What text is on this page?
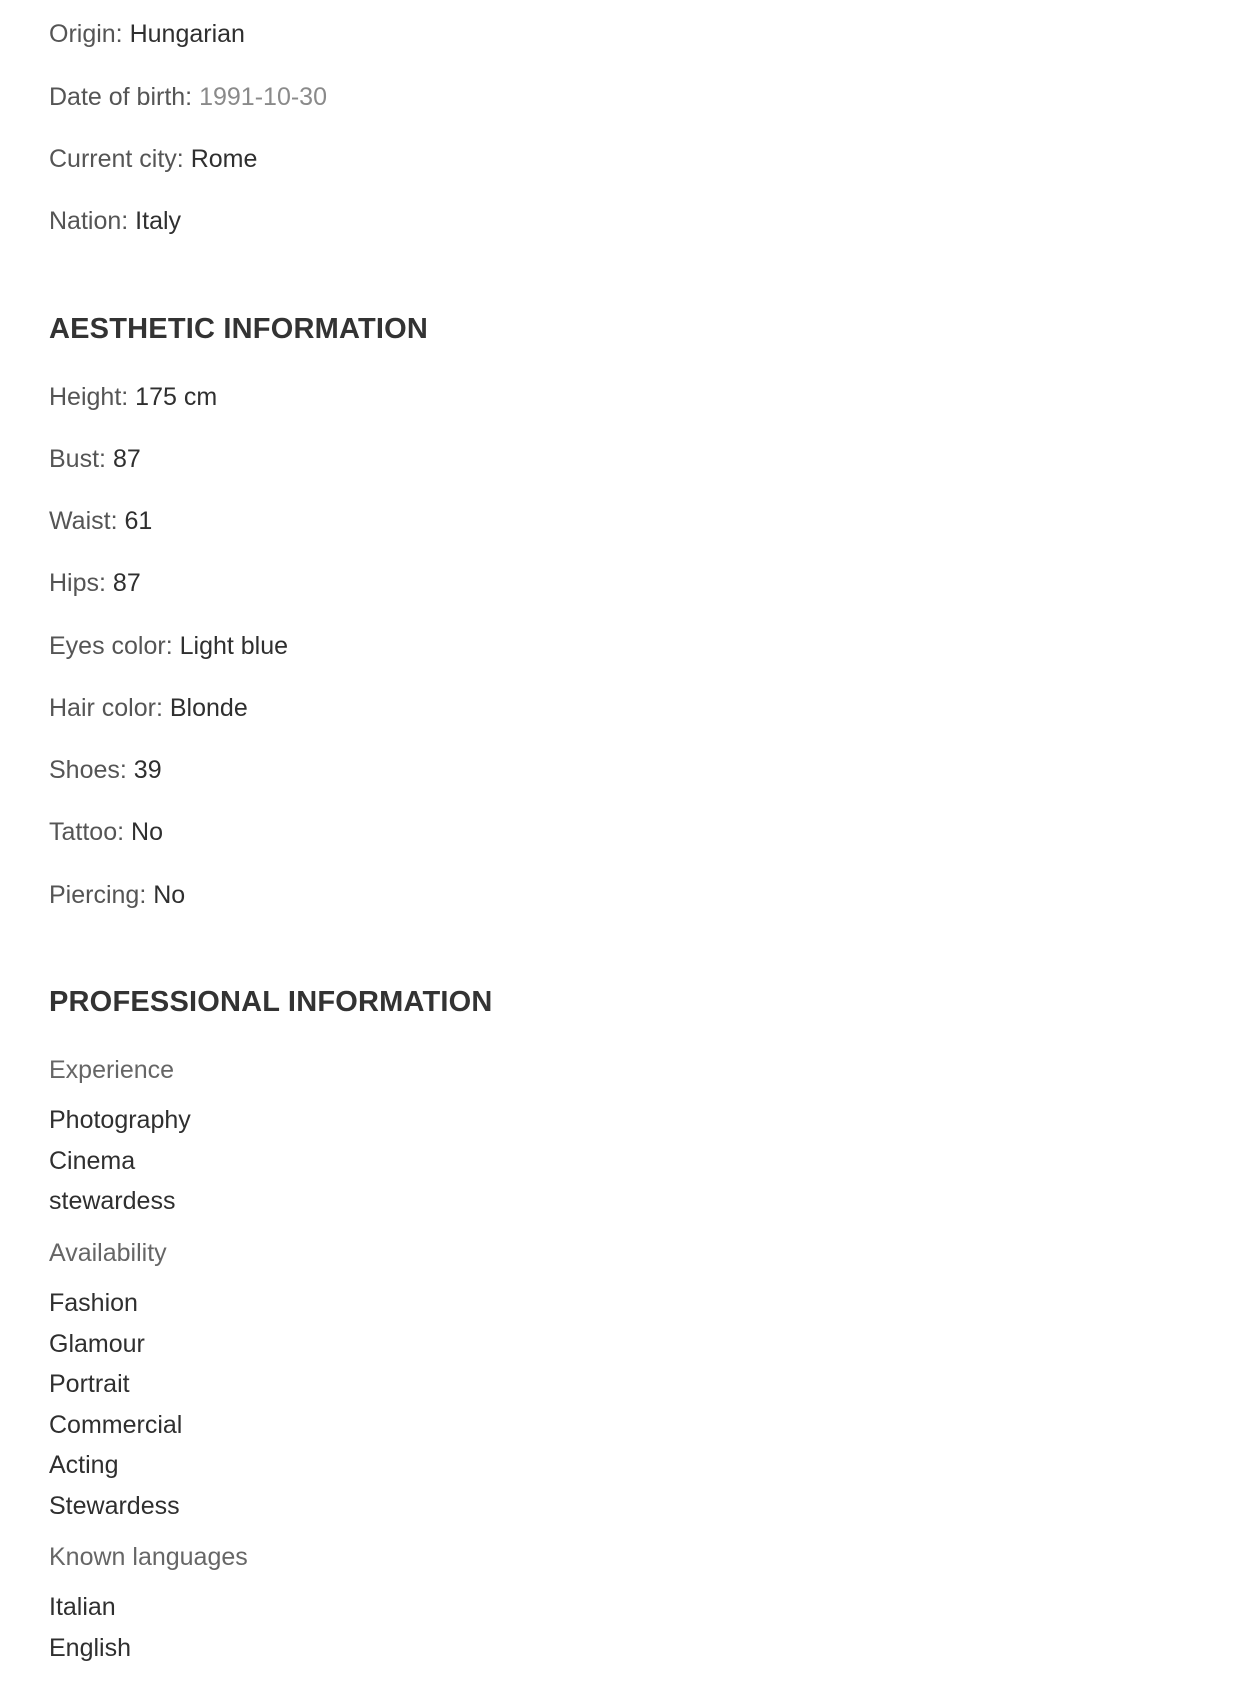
Origin: Hungarian
Date of birth: 1991-10-30
Current city: Rome
Nation: Italy
AESTHETIC INFORMATION
Height: 175 cm
Bust: 87
Waist: 61
Hips: 87
Eyes color: Light blue
Hair color: Blonde
Shoes: 39
Tattoo: No
Piercing: No
PROFESSIONAL INFORMATION
Experience
Photography
Cinema
stewardess
Availability
Fashion
Glamour
Portrait
Commercial
Acting
Stewardess
Known languages
Italian
English
